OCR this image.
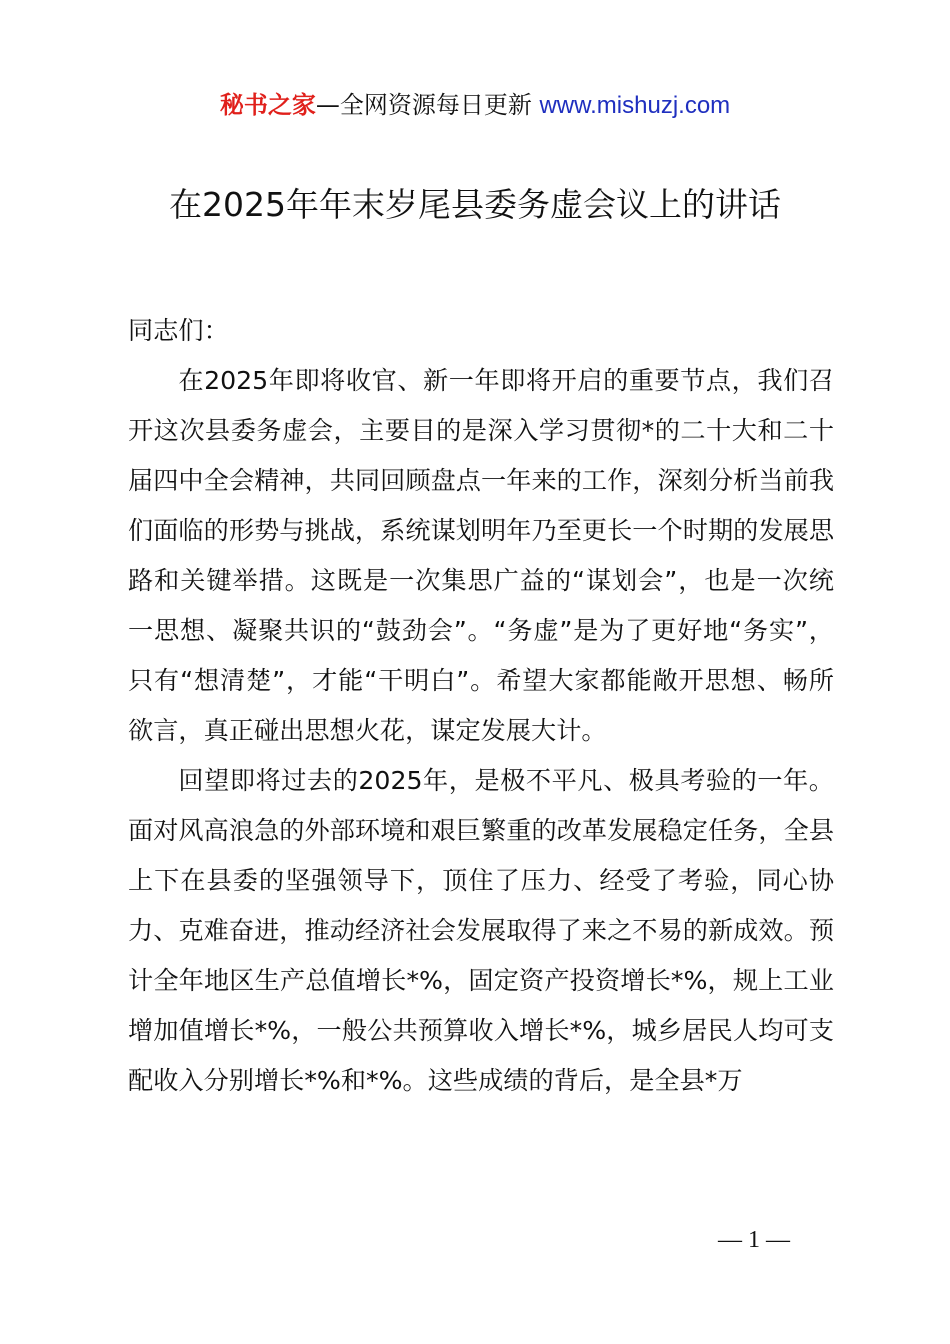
秘书之家—全网资源每日更新 www.mishuzj.com
在2025年年末岁尾县委务虚会议上的讲话

同志们：

在2025年即将收官、新一年即将开启的重要节点，我们召开这次县委务虚会，主要目的是深入学习贯彻*的二十大和二十届四中全会精神，共同回顾盘点一年来的工作，深刻分析当前我们面临的形势与挑战，系统谋划明年乃至更长一个时期的发展思路和关键举措。这既是一次集思广益的“谋划会”，也是一次统一思想、凝聚共识的“鼓劲会”。“务虚”是为了更好地“务实”，只有“想清楚”，才能“干明白”。希望大家都能敞开思想、畅所欲言，真正碰出思想火花，谋定发展大计。

回望即将过去的2025年，是极不平凡、极具考验的一年。面对风高浪急的外部环境和艰巨繁重的改革发展稳定任务，全县上下在县委的坚强领导下，顶住了压力、经受了考验，同心协力、克难奋进，推动经济社会发展取得了来之不易的新成效。预计全年地区生产总值增长*%，固定资产投资增长*%，规上工业增加值增长*%，一般公共预算收入增长*%，城乡居民人均可支配收入分别增长*%和*%。这些成绩的背后，是全县*万

— 1 —
